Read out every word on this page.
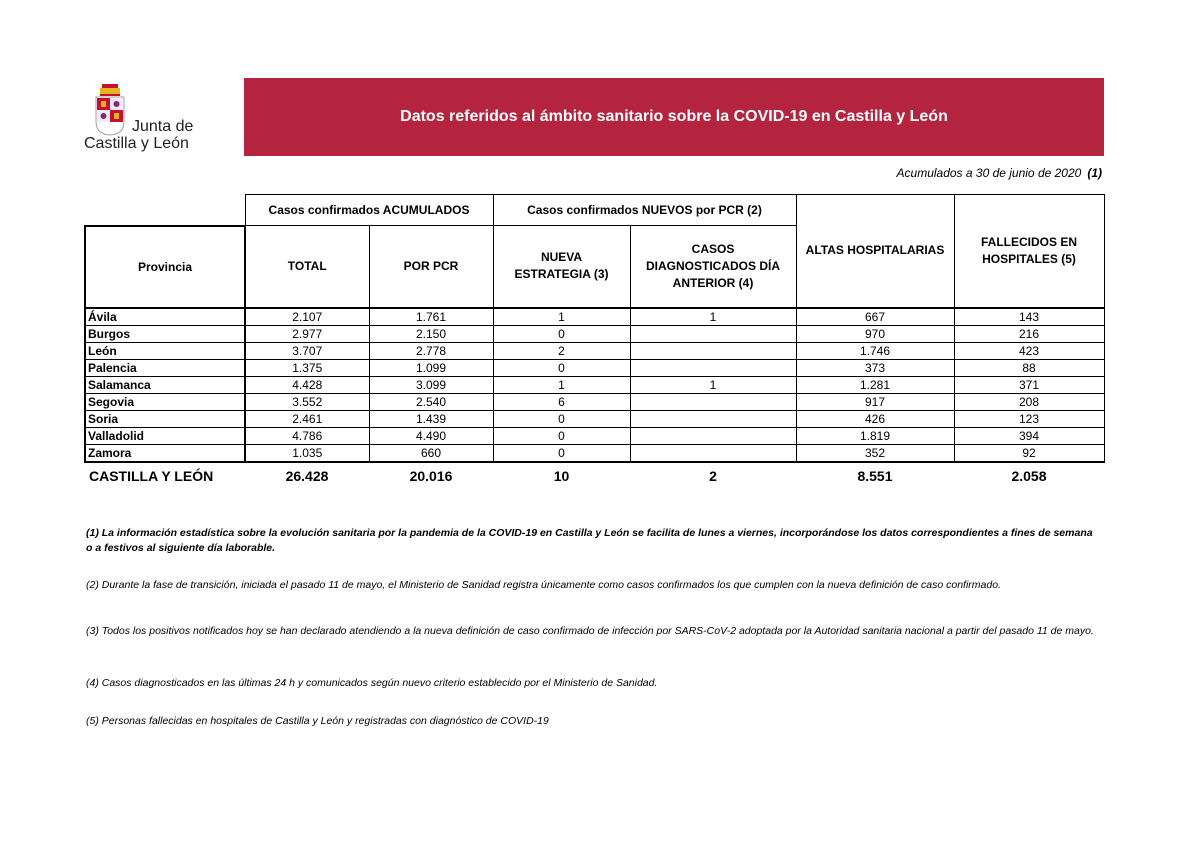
Junta de
Castilla y León
Datos referidos al ámbito sanitario sobre la COVID-19 en Castilla y León
Acumulados a 30 de junio de 2020 (1)
	Casos confirmados ACUMULADOS		Casos confirmados NUEVOS por PCR (2)		ALTAS HOSPITALARIAS	FALLECIDOS EN HOSPITALES (5)
Provincia	TOTAL	POR PCR	NUEVA ESTRATEGIA (3)	CASOS DIAGNOSTICADOS DÍA ANTERIOR (4)		
Ávila	2.107	1.761	1	1	667	143
Burgos	2.977	2.150	0		970	216
León	3.707	2.778	2		1.746	423
Palencia	1.375	1.099	0		373	88
Salamanca	4.428	3.099	1	1	1.281	371
Segovia	3.552	2.540	6		917	208
Soria	2.461	1.439	0		426	123
Valladolid	4.786	4.490	0		1.819	394
Zamora	1.035	660	0		352	92
CASTILLA Y LEÓN	26.428	20.016	10	2	8.551	2.058

(1) La información estadística sobre la evolución sanitaria por la pandemia de la COVID-19 en Castilla y León se facilita de lunes a viernes, incorporándose los datos correspondientes a fines de semana o a festivos al siguiente día laborable.

(2) Durante la fase de transición, iniciada el pasado 11 de mayo, el Ministerio de Sanidad registra únicamente como casos confirmados los que cumplen con la nueva definición de caso confirmado.

(3) Todos los positivos notificados hoy se han declarado atendiendo a la nueva definición de caso confirmado de infección por SARS-CoV-2 adoptada por la Autoridad sanitaria nacional a partir del pasado 11 de mayo.

(4) Casos diagnosticados en las últimas 24 h y comunicados según nuevo criterio establecido por el Ministerio de Sanidad.

(5) Personas fallecidas en hospitales de Castilla y León y registradas con diagnóstico de COVID-19
